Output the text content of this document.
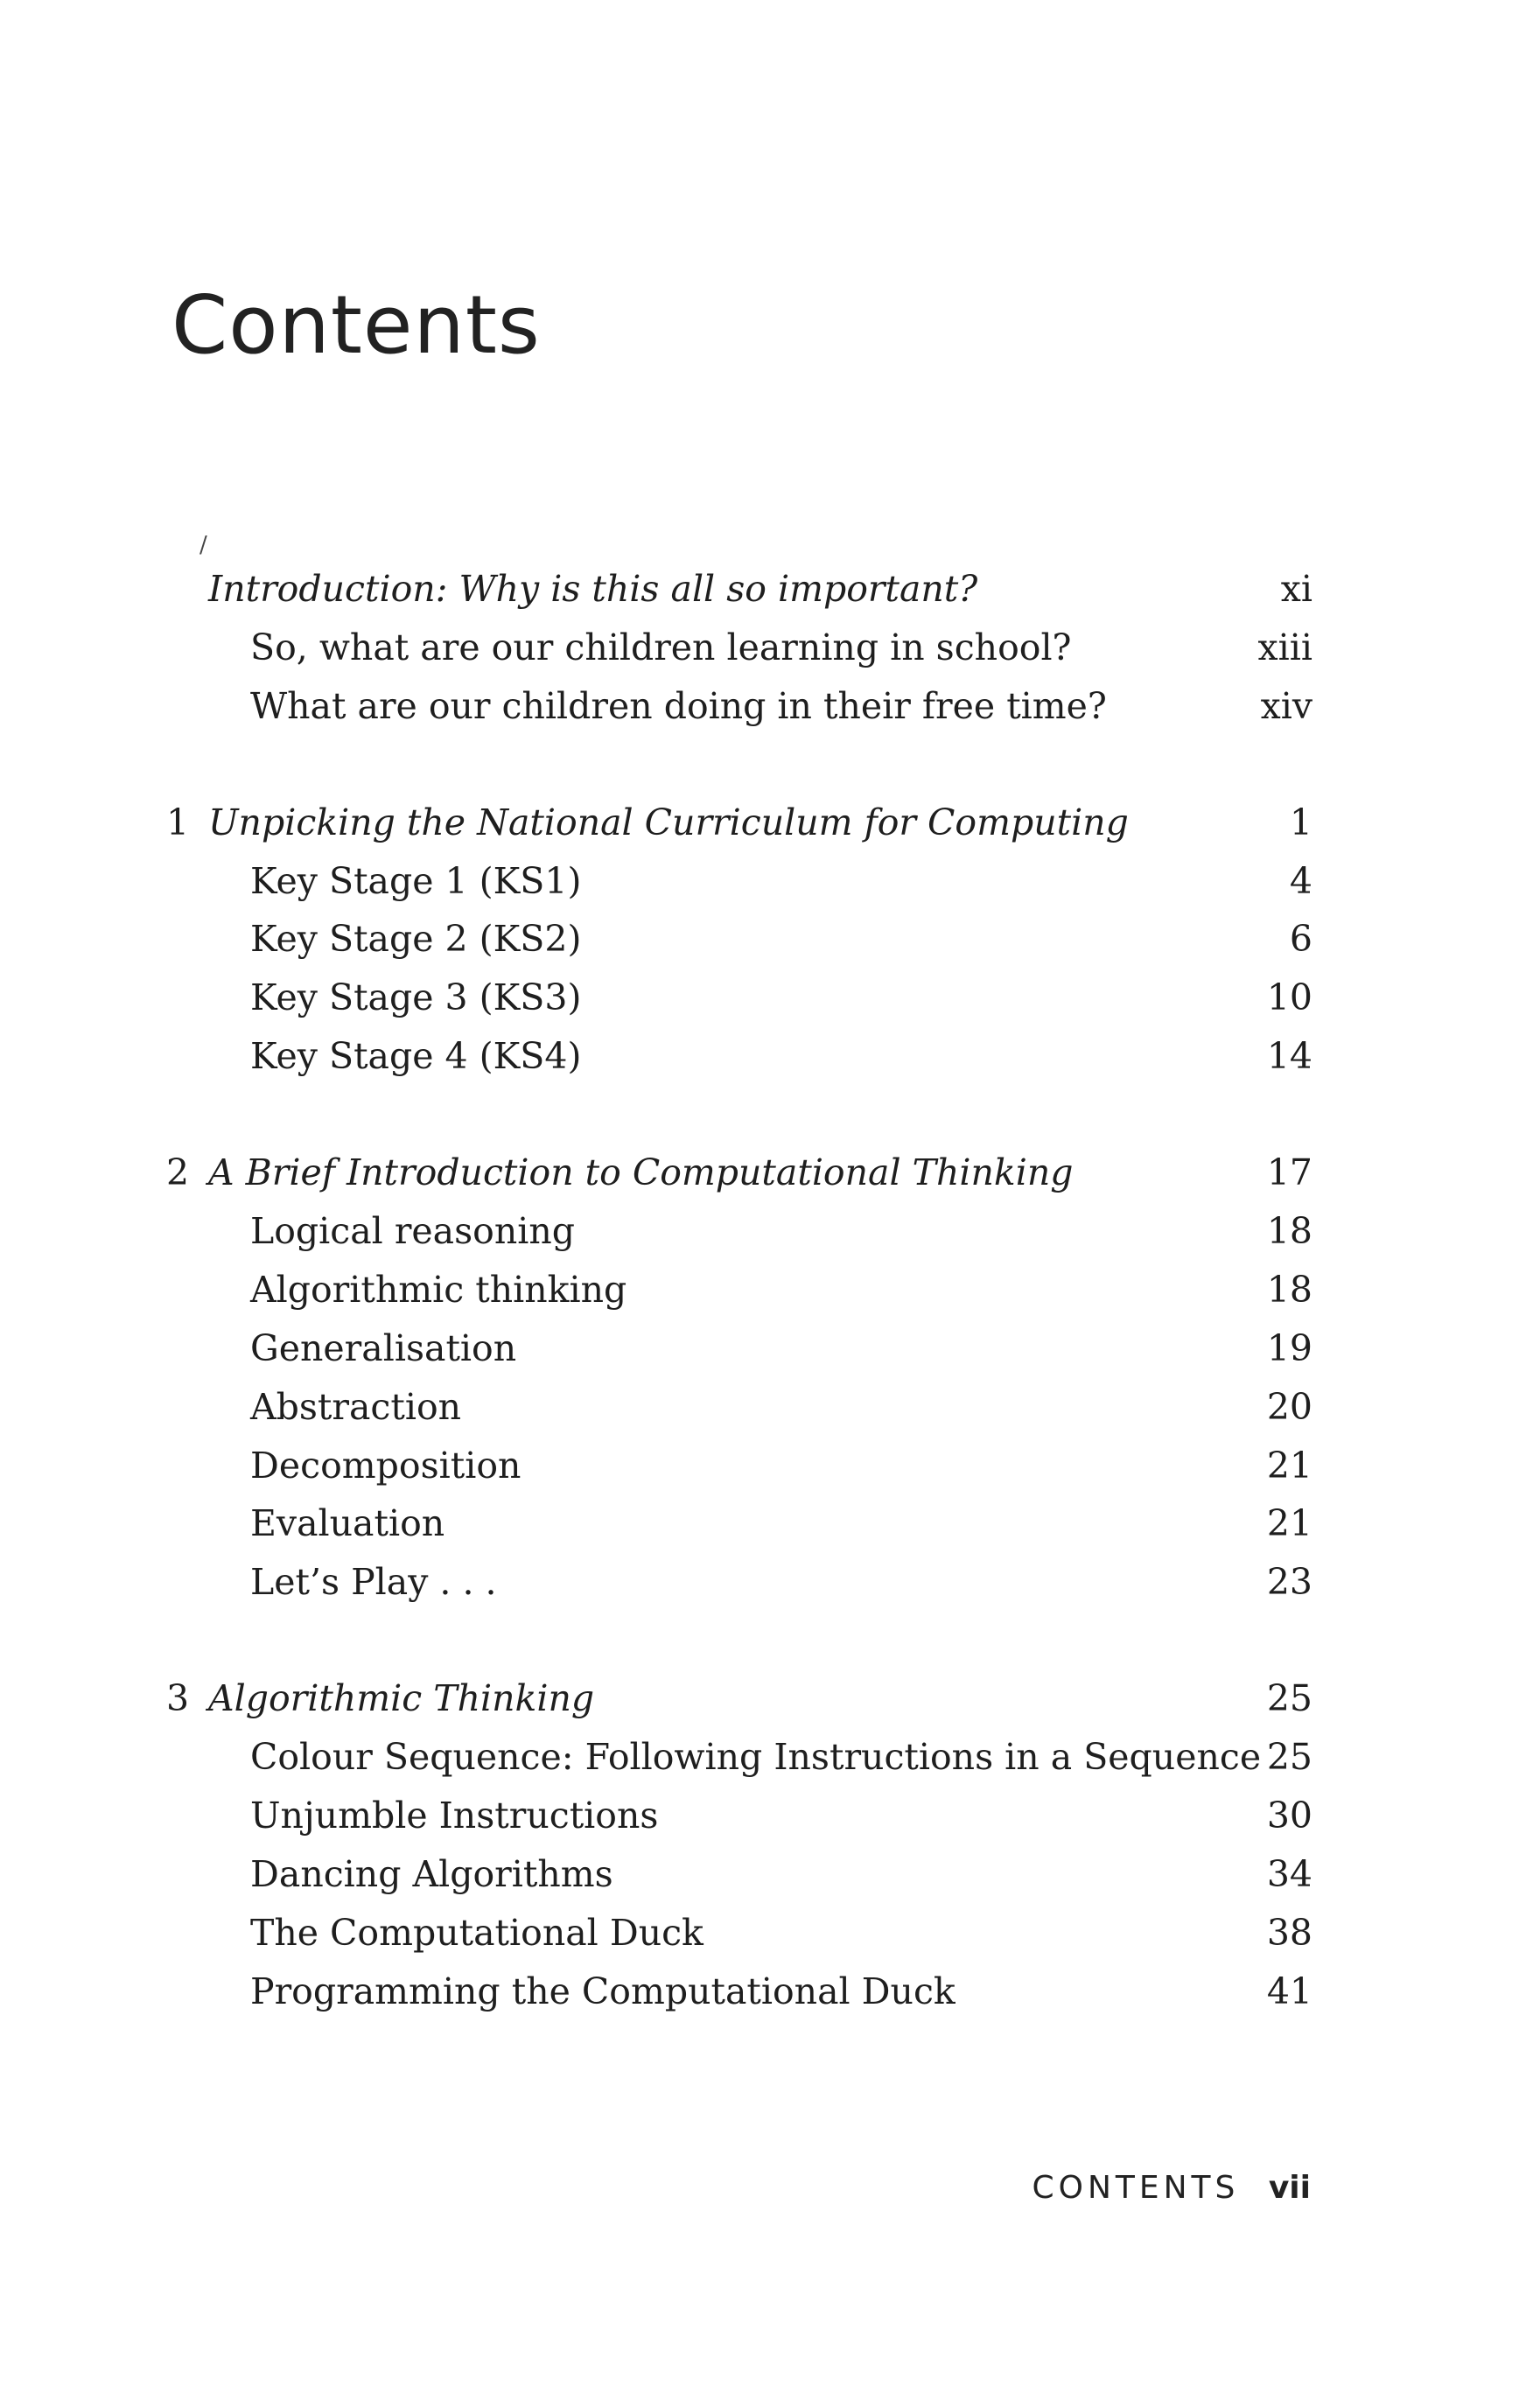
Contents
/
Introduction: Why is this all so important?	xi
So, what are our children learning in school?	xiii
What are our children doing in their free time?	xiv
1 Unpicking the National Curriculum for Computing	1
Key Stage 1 (KS1)	4
Key Stage 2 (KS2)	6
Key Stage 3 (KS3)	10
Key Stage 4 (KS4)	14
2 A Brief Introduction to Computational Thinking	17
Logical reasoning	18
Algorithmic thinking	18
Generalisation	19
Abstraction	20
Decomposition	21
Evaluation	21
Let’s Play . . .	23
3 Algorithmic Thinking	25
Colour Sequence: Following Instructions in a Sequence 25
Unjumble Instructions	30
Dancing Algorithms	34
The Computational Duck	38
Programming the Computational Duck	41
CONTENTS vii
